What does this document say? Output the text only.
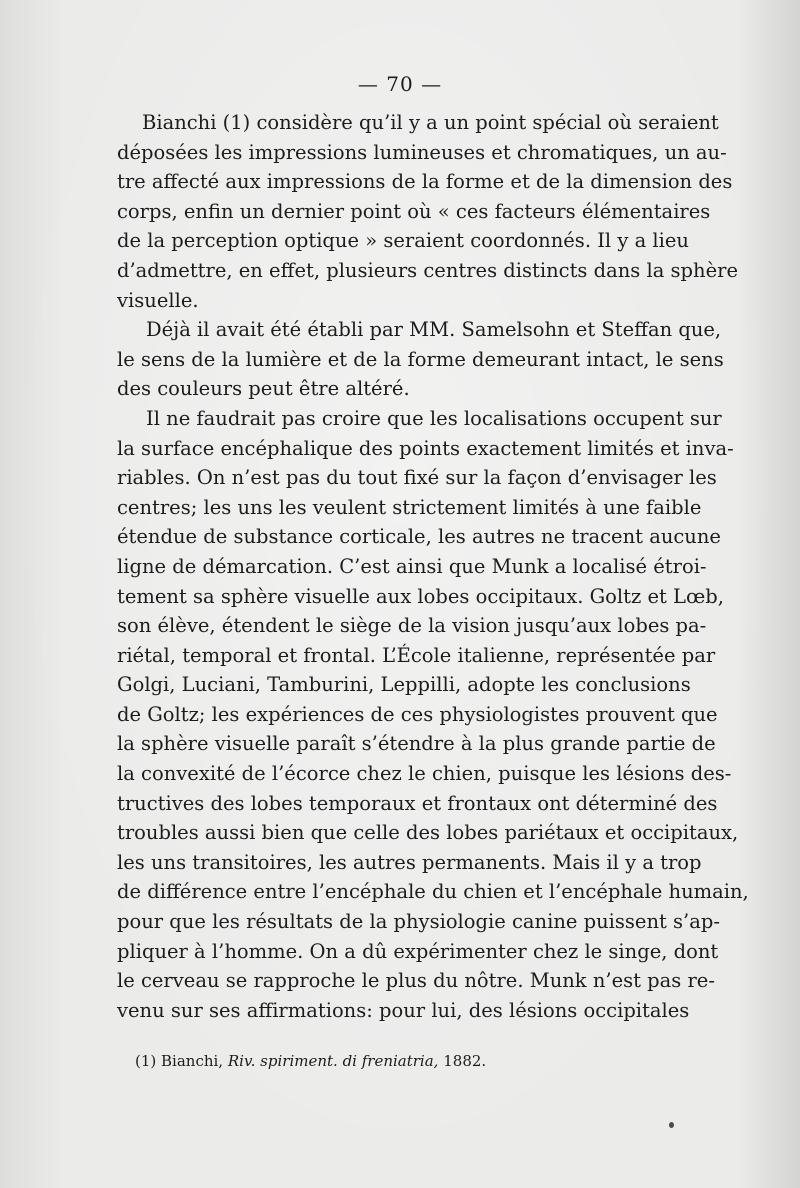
— 70 —
Bianchi (1) considère qu’il y a un point spécial où seraient
déposées les impressions lumineuses et chromatiques, un au-
tre affecté aux impressions de la forme et de la dimension des
corps, enfin un dernier point où « ces facteurs élémentaires
de la perception optique » seraient coordonnés. Il y a lieu
d’admettre, en effet, plusieurs centres distincts dans la sphère
visuelle.
Déjà il avait été établi par MM. Samelsohn et Steffan que,
le sens de la lumière et de la forme demeurant intact, le sens
des couleurs peut être altéré.
Il ne faudrait pas croire que les localisations occupent sur
la surface encéphalique des points exactement limités et inva-
riables. On n’est pas du tout fixé sur la façon d’envisager les
centres; les uns les veulent strictement limités à une faible
étendue de substance corticale, les autres ne tracent aucune
ligne de démarcation. C’est ainsi que Munk a localisé étroi-
tement sa sphère visuelle aux lobes occipitaux. Goltz et Lœb,
son élève, étendent le siège de la vision jusqu’aux lobes pa-
riétal, temporal et frontal. L’École italienne, représentée par
Golgi, Luciani, Tamburini, Leppilli, adopte les conclusions
de Goltz; les expériences de ces physiologistes prouvent que
la sphère visuelle paraît s’étendre à la plus grande partie de
la convexité de l’écorce chez le chien, puisque les lésions des-
tructives des lobes temporaux et frontaux ont déterminé des
troubles aussi bien que celle des lobes pariétaux et occipitaux,
les uns transitoires, les autres permanents. Mais il y a trop
de différence entre l’encéphale du chien et l’encéphale humain,
pour que les résultats de la physiologie canine puissent s’ap-
pliquer à l’homme. On a dû expérimenter chez le singe, dont
le cerveau se rapproche le plus du nôtre. Munk n’est pas re-
venu sur ses affirmations: pour lui, des lésions occipitales
(1) Bianchi, Riv. spiriment. di freniatria, 1882.
